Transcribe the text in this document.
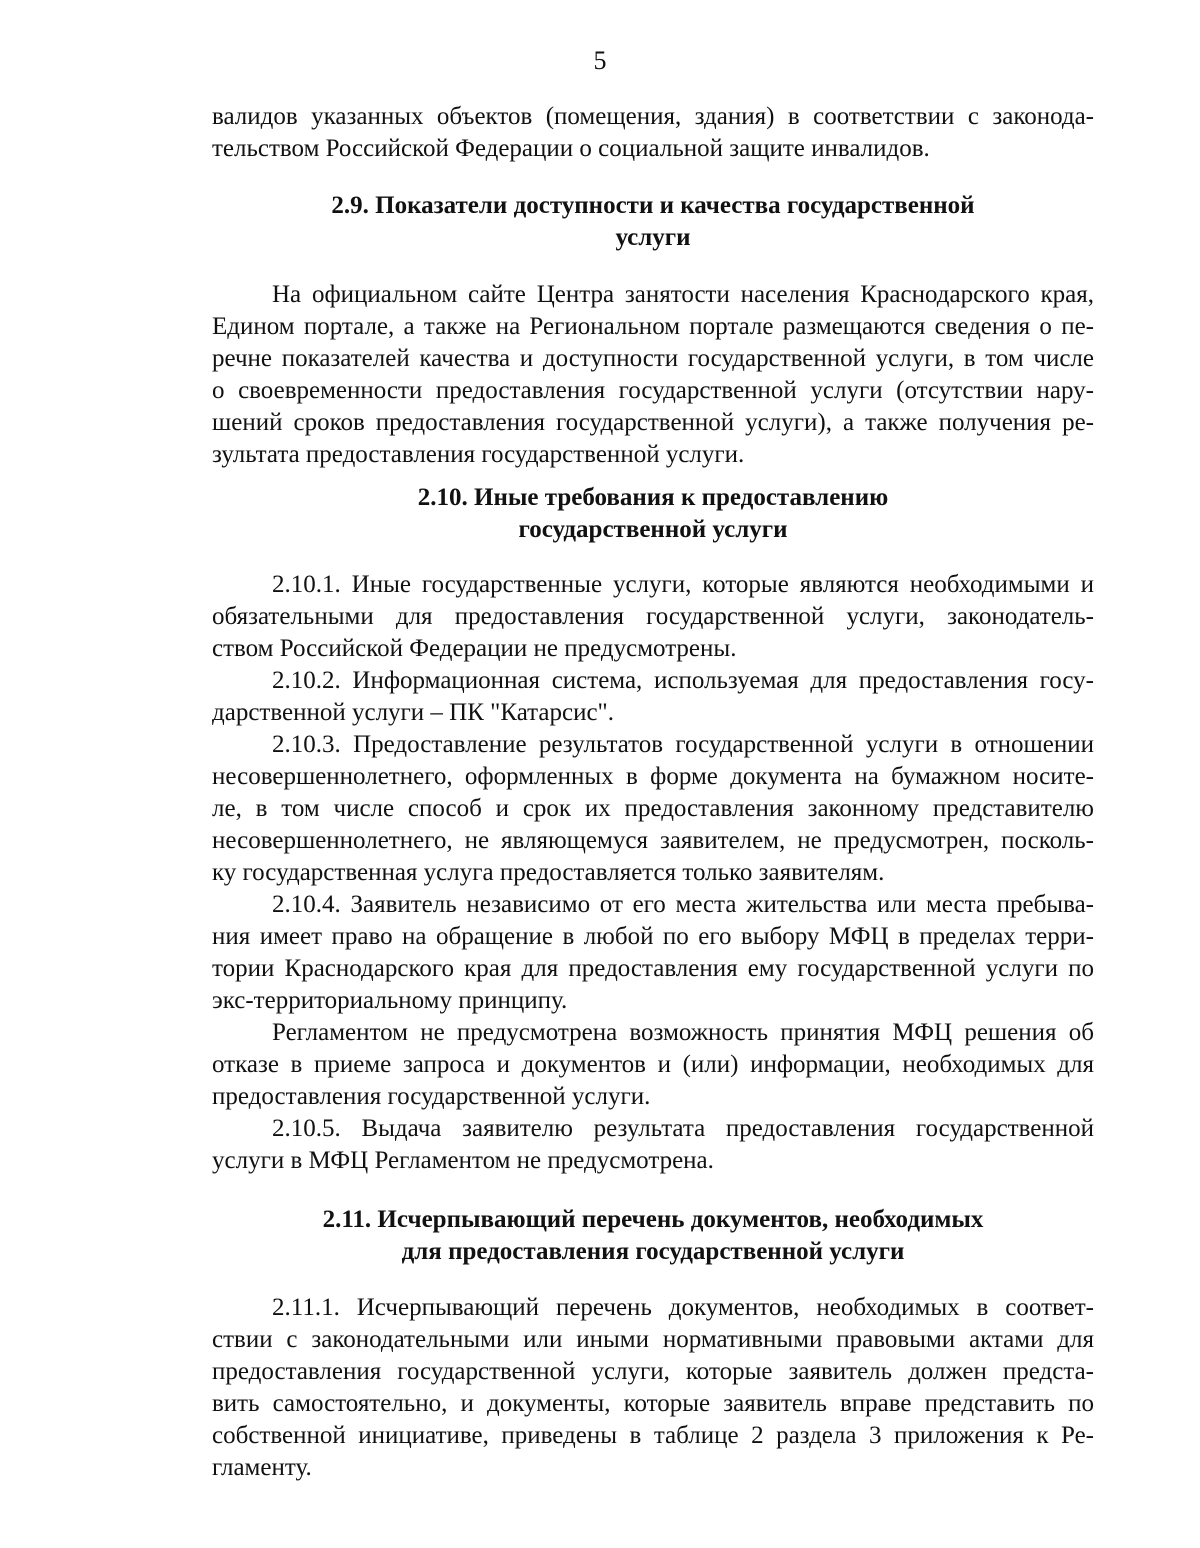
5
валидов указанных объектов (помещения, здания) в соответствии с законода-
тельством Российской Федерации о социальной защите инвалидов.
2.9. Показатели доступности и качества государственной
услуги
На официальном сайте Центра занятости населения Краснодарского края,
Едином портале, а также на Региональном портале размещаются сведения о пе-
речне показателей качества и доступности государственной услуги, в том числе
о своевременности предоставления государственной услуги (отсутствии нару-
шений сроков предоставления государственной услуги), а также получения ре-
зультата предоставления государственной услуги.
2.10. Иные требования к предоставлению
государственной услуги
2.10.1. Иные государственные услуги, которые являются необходимыми и
обязательными для предоставления государственной услуги, законодатель-
ством Российской Федерации не предусмотрены.
2.10.2. Информационная система, используемая для предоставления госу-
дарственной услуги – ПК "Катарсис".
2.10.3. Предоставление результатов государственной услуги в отношении
несовершеннолетнего, оформленных в форме документа на бумажном носите-
ле, в том числе способ и срок их предоставления законному представителю
несовершеннолетнего, не являющемуся заявителем, не предусмотрен, посколь-
ку государственная услуга предоставляется только заявителям.
2.10.4. Заявитель независимо от его места жительства или места пребыва-
ния имеет право на обращение в любой по его выбору МФЦ в пределах терри-
тории Краснодарского края для предоставления ему государственной услуги по
экс-территориальному принципу.
Регламентом не предусмотрена возможность принятия МФЦ решения об
отказе в приеме запроса и документов и (или) информации, необходимых для
предоставления государственной услуги.
2.10.5. Выдача заявителю результата предоставления государственной
услуги в МФЦ Регламентом не предусмотрена.
2.11. Исчерпывающий перечень документов, необходимых
для предоставления государственной услуги
2.11.1. Исчерпывающий перечень документов, необходимых в соответ-
ствии с законодательными или иными нормативными правовыми актами для
предоставления государственной услуги, которые заявитель должен предста-
вить самостоятельно, и документы, которые заявитель вправе представить по
собственной инициативе, приведены в таблице 2 раздела 3 приложения к Ре-
гламенту.
